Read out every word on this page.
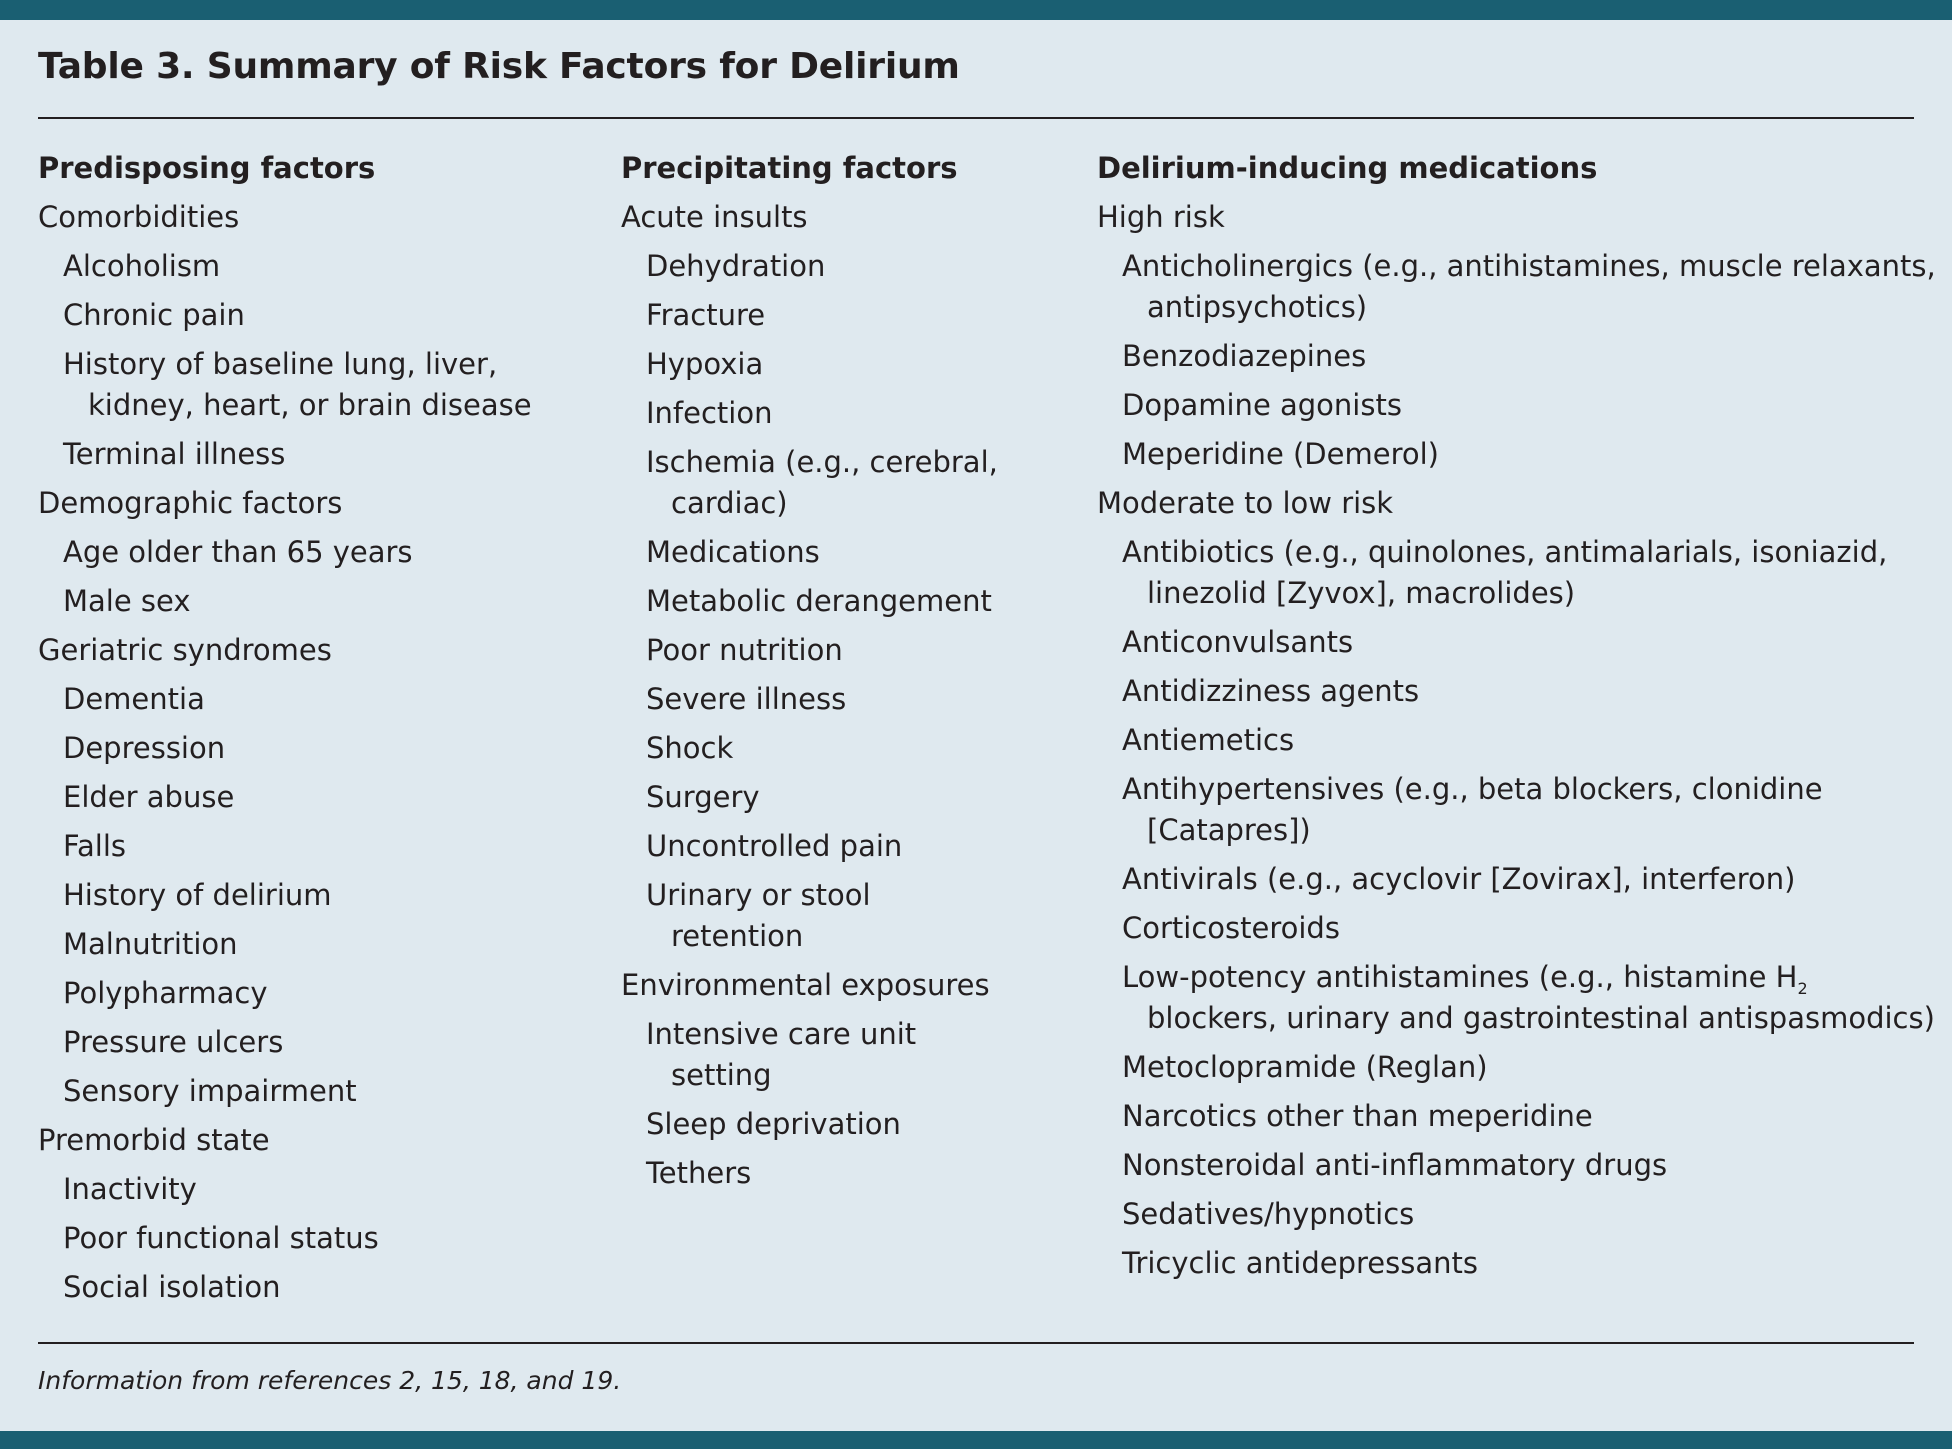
Table 3. Summary of Risk Factors for Delirium
Predisposing factors
Comorbidities
Alcoholism
Chronic pain
History of baseline lung, liver,
kidney, heart, or brain disease
Terminal illness
Demographic factors
Age older than 65 years
Male sex
Geriatric syndromes
Dementia
Depression
Elder abuse
Falls
History of delirium
Malnutrition
Polypharmacy
Pressure ulcers
Sensory impairment
Premorbid state
Inactivity
Poor functional status
Social isolation
Precipitating factors
Acute insults
Dehydration
Fracture
Hypoxia
Infection
Ischemia (e.g., cerebral,
cardiac)
Medications
Metabolic derangement
Poor nutrition
Severe illness
Shock
Surgery
Uncontrolled pain
Urinary or stool
retention
Environmental exposures
Intensive care unit
setting
Sleep deprivation
Tethers
Delirium-inducing medications
High risk
Anticholinergics (e.g., antihistamines, muscle relaxants,
antipsychotics)
Benzodiazepines
Dopamine agonists
Meperidine (Demerol)
Moderate to low risk
Antibiotics (e.g., quinolones, antimalarials, isoniazid,
linezolid [Zyvox], macrolides)
Anticonvulsants
Antidizziness agents
Antiemetics
Antihypertensives (e.g., beta blockers, clonidine
[Catapres])
Antivirals (e.g., acyclovir [Zovirax], interferon)
Corticosteroids
Low-potency antihistamines (e.g., histamine $H_2$
blockers, urinary and gastrointestinal antispasmodics)
Metoclopramide (Reglan)
Narcotics other than meperidine
Nonsteroidal anti-inflammatory drugs
Sedatives/hypnotics
Tricyclic antidepressants
Information from references 2, 15, 18, and 19.
